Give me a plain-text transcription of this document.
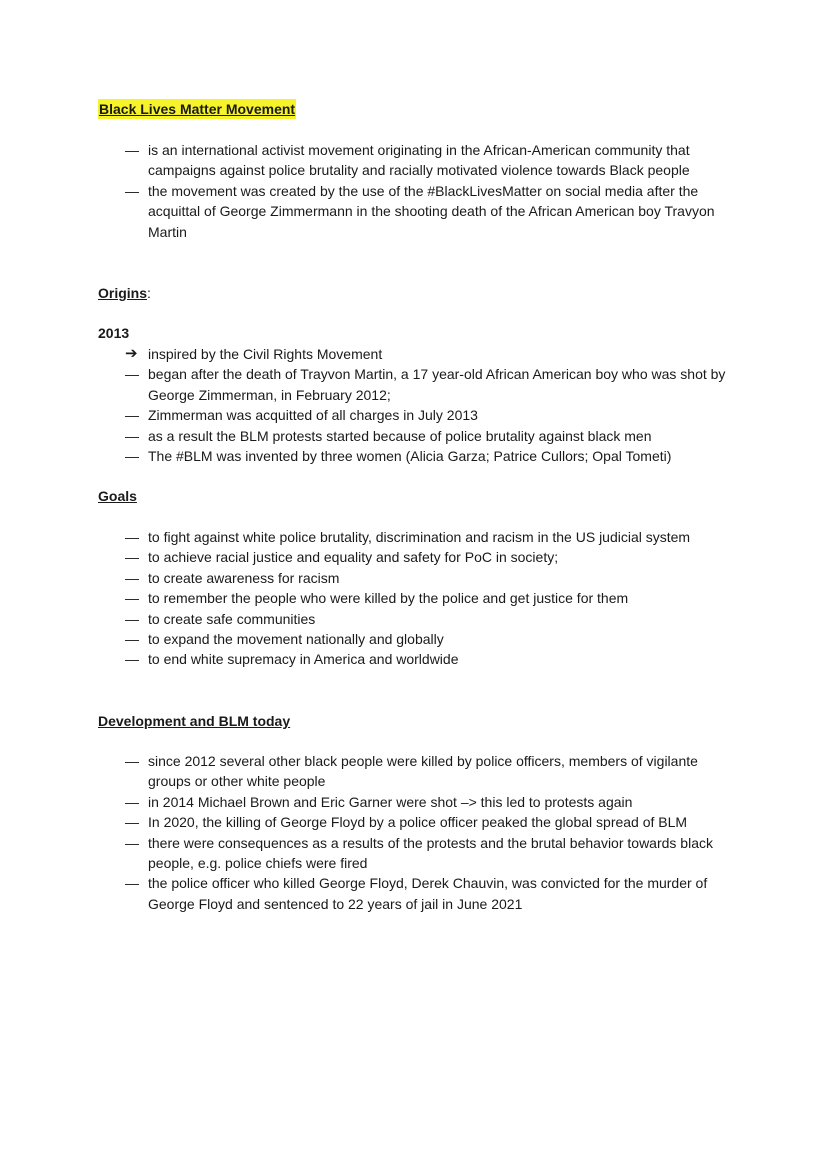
Black Lives Matter Movement
— is an international activist movement originating in the African-American community that campaigns against police brutality and racially motivated violence towards Black people
— the movement was created by the use of the #BlackLivesMatter on social media after the acquittal of George Zimmermann in the shooting death of the African American boy Travyon Martin
Origins:
2013
➔ inspired by the Civil Rights Movement
— began after the death of Trayvon Martin, a 17 year-old African American boy who was shot by George Zimmerman, in February 2012;
— Zimmerman was acquitted of all charges in July 2013
— as a result the BLM protests started because of police brutality against black men
— The #BLM was invented by three women (Alicia Garza; Patrice Cullors; Opal Tometi)
Goals
— to fight against white police brutality, discrimination and racism in the US judicial system
— to achieve racial justice and equality and safety for PoC in society;
— to create awareness for racism
— to remember the people who were killed by the police and get justice for them
— to create safe communities
— to expand the movement nationally and globally
— to end white supremacy in America and worldwide
Development and BLM today
— since 2012 several other black people were killed by police officers, members of vigilante groups or other white people
— in 2014 Michael Brown and Eric Garner were shot –> this led to protests again
— In 2020, the killing of George Floyd by a police officer peaked the global spread of BLM
— there were consequences as a results of the protests and the brutal behavior towards black people, e.g. police chiefs were fired
— the police officer who killed George Floyd, Derek Chauvin, was convicted for the murder of George Floyd and sentenced to 22 years of jail in June 2021
